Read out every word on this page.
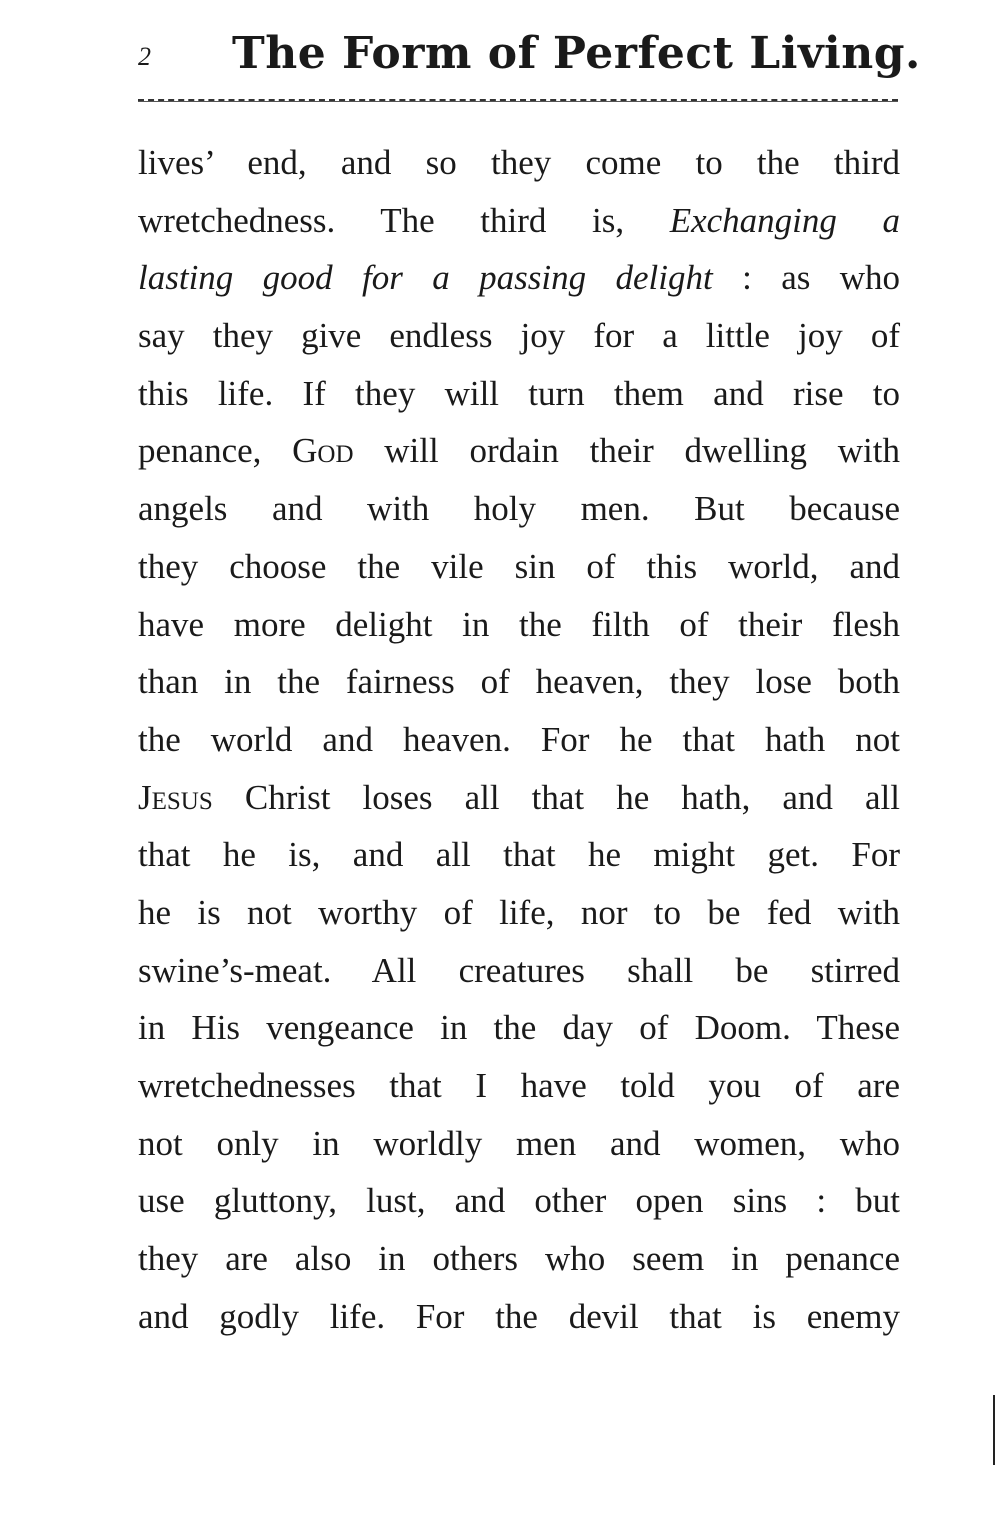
2 The Form of Perfect Living.
lives’ end, and so they come to the third
wretchedness. The third is, Exchanging a
lasting good for a passing delight : as who
say they give endless joy for a little joy of
this life. If they will turn them and rise to
penance, God will ordain their dwelling with
angels and with holy men. But because
they choose the vile sin of this world, and
have more delight in the filth of their flesh
than in the fairness of heaven, they lose both
the world and heaven. For he that hath not
Jesus Christ loses all that he hath, and all
that he is, and all that he might get. For
he is not worthy of life, nor to be fed with
swine’s-meat. All creatures shall be stirred
in His vengeance in the day of Doom. These
wretchednesses that I have told you of are
not only in worldly men and women, who
use gluttony, lust, and other open sins : but
they are also in others who seem in penance
and godly life. For the devil that is enemy
